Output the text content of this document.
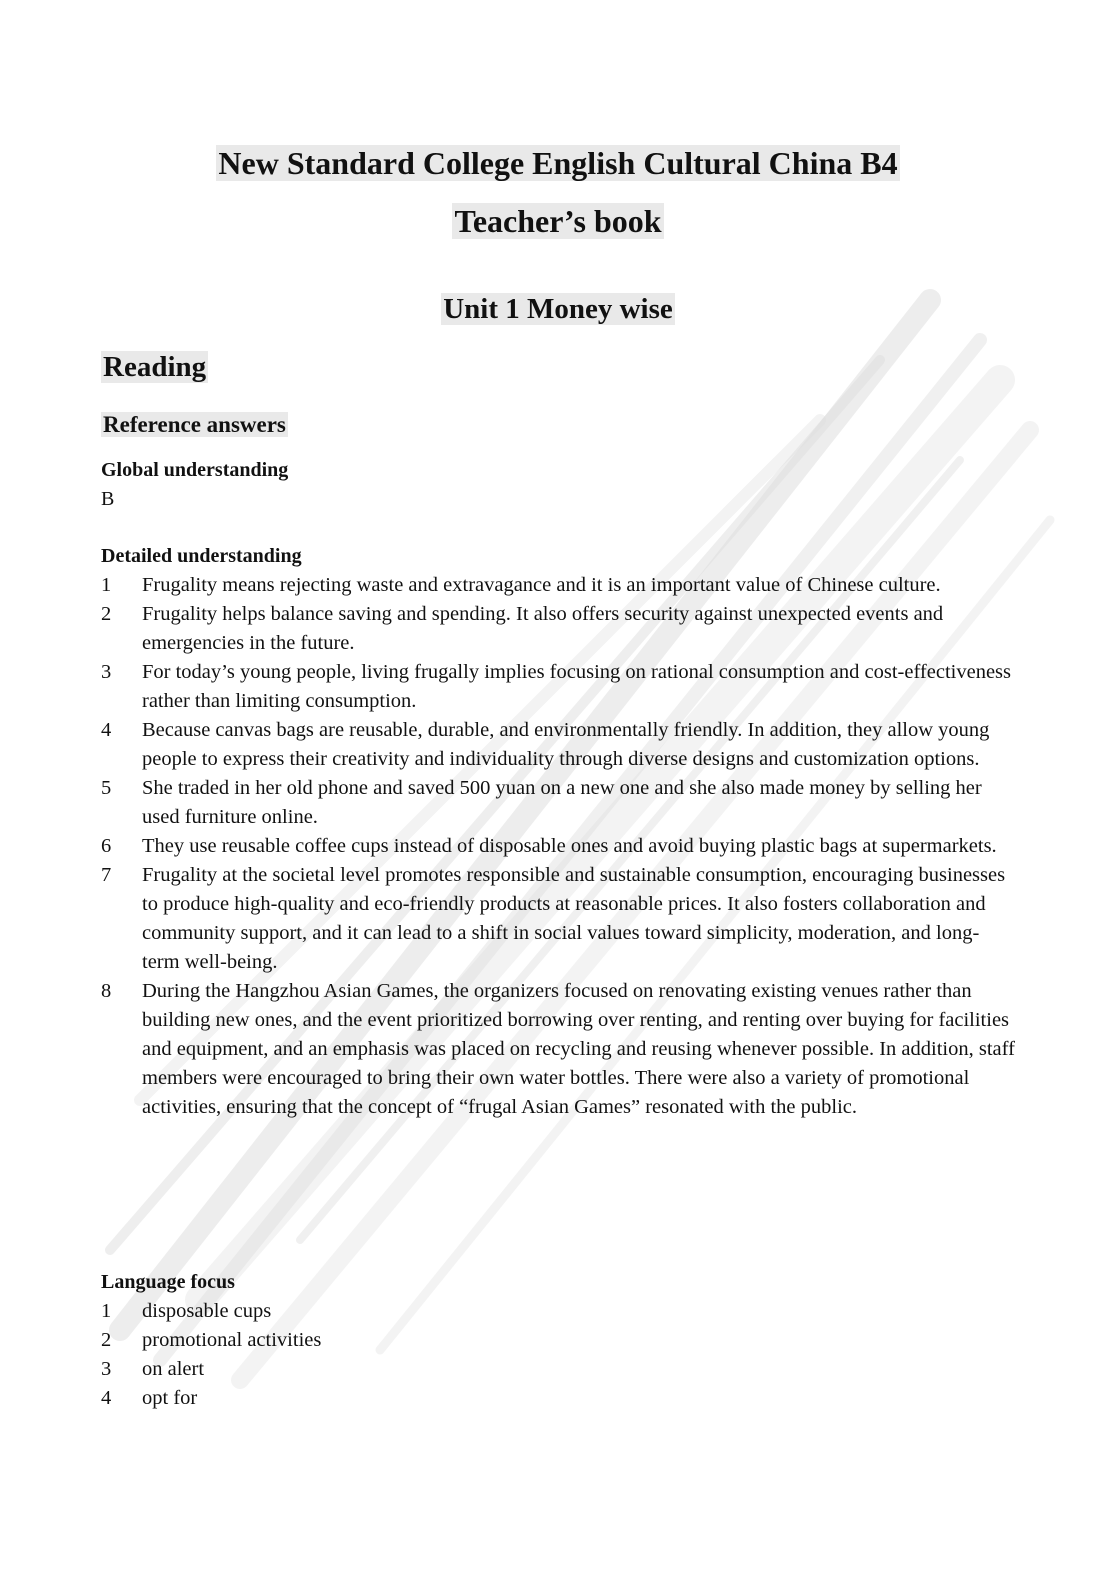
New Standard College English Cultural China B4
Teacher’s book
Unit 1 Money wise
Reading
Reference answers
Global understanding
B
Detailed understanding
1	Frugality means rejecting waste and extravagance and it is an important value of Chinese culture.
2	Frugality helps balance saving and spending. It also offers security against unexpected events and emergencies in the future.
3	For today’s young people, living frugally implies focusing on rational consumption and cost-effectiveness rather than limiting consumption.
4	Because canvas bags are reusable, durable, and environmentally friendly. In addition, they allow young people to express their creativity and individuality through diverse designs and customization options.
5	She traded in her old phone and saved 500 yuan on a new one and she also made money by selling her used furniture online.
6	They use reusable coffee cups instead of disposable ones and avoid buying plastic bags at supermarkets.
7	Frugality at the societal level promotes responsible and sustainable consumption, encouraging businesses to produce high-quality and eco-friendly products at reasonable prices. It also fosters collaboration and community support, and it can lead to a shift in social values toward simplicity, moderation, and long-term well-being.
8	During the Hangzhou Asian Games, the organizers focused on renovating existing venues rather than building new ones, and the event prioritized borrowing over renting, and renting over buying for facilities and equipment, and an emphasis was placed on recycling and reusing whenever possible. In addition, staff members were encouraged to bring their own water bottles. There were also a variety of promotional activities, ensuring that the concept of “frugal Asian Games” resonated with the public.
Language focus
1	disposable cups
2	promotional activities
3	on alert
4	opt for
